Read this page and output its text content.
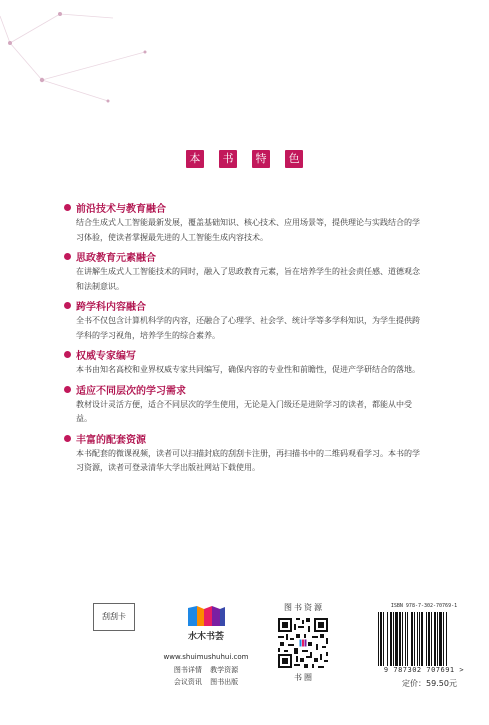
本 书 特 色
前沿技术与教育融合
结合生成式人工智能最新发展，覆盖基础知识、核心技术、应用场景等，提供理论与实践结合的学习体验，使读者掌握最先进的人工智能生成内容技术。
思政教育元素融合
在讲解生成式人工智能技术的同时，融入了思政教育元素，旨在培养学生的社会责任感、道德观念和法制意识。
跨学科内容融合
全书不仅包含计算机科学的内容，还融合了心理学、社会学、统计学等多学科知识，为学生提供跨学科的学习视角，培养学生的综合素养。
权威专家编写
本书由知名高校和业界权威专家共同编写，确保内容的专业性和前瞻性，促进产学研结合的落地。
适应不同层次的学习需求
教材设计灵活方便，适合不同层次的学生使用，无论是入门级还是进阶学习的读者，都能从中受益。
丰富的配套资源
本书配套的微课视频，读者可以扫描封底的刮刮卡注册，再扫描书中的二维码观看学习。本书的学习资源，读者可登录清华大学出版社网站下载使用。
刮刮卡
水木书荟
www.shuimushuhui.com
图书详情 教学资源
会议资讯 图书出版
图书资源
书圈
ISBN 978-7-302-70769-1
9 787302 707691 >
定价：59.50元
